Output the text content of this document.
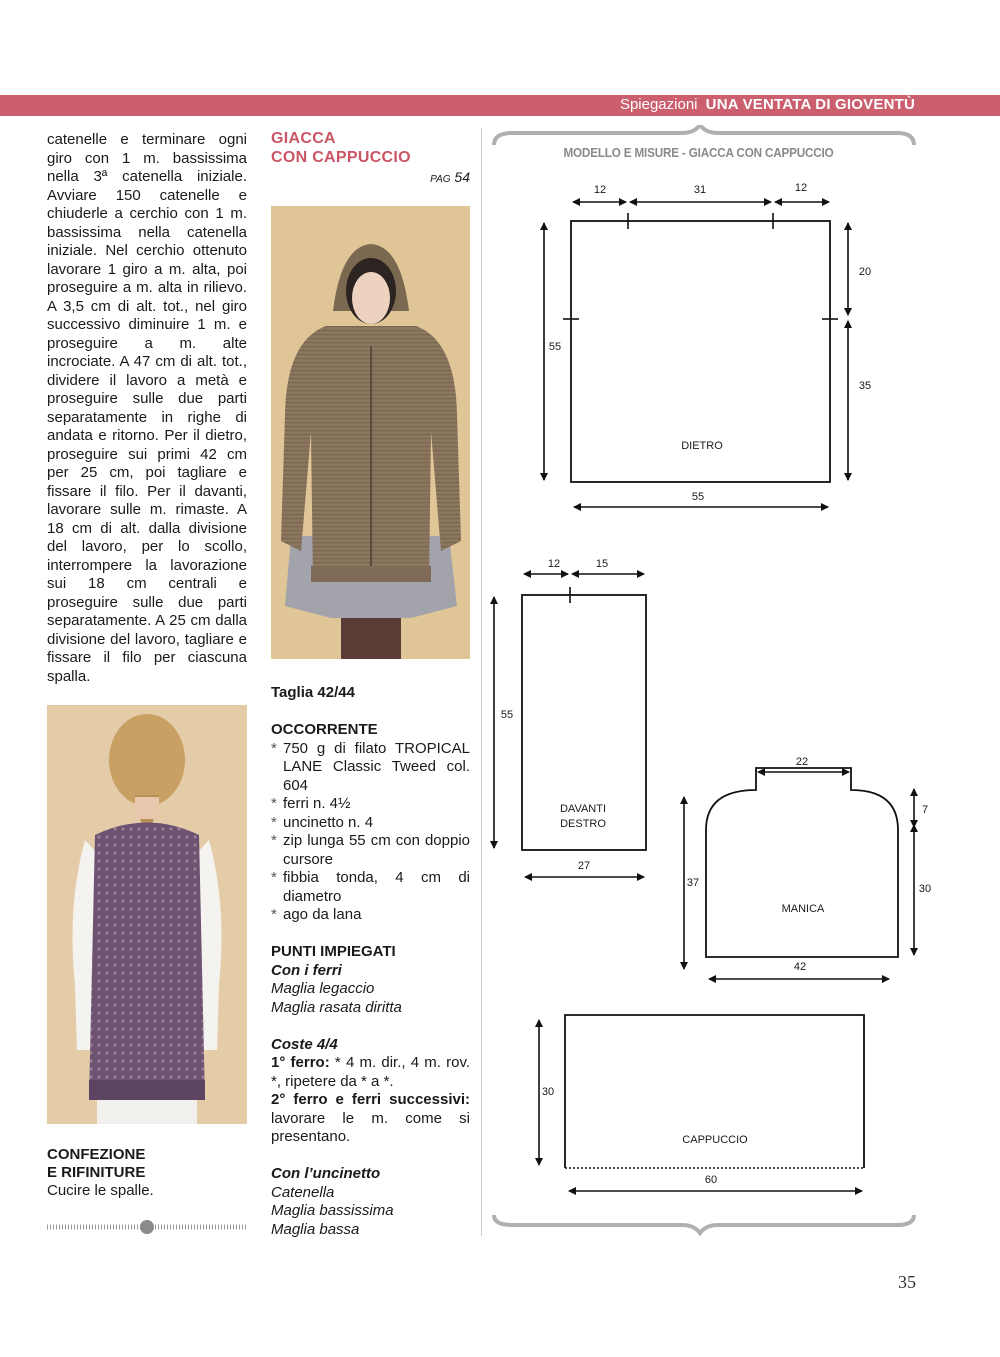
Spiegazioni UNA VENTATA DI GIOVENTÙ

catenelle e terminare ogni giro con 1 m. bassissima nella 3ª catenella iniziale. Avviare 150 catenelle e chiuderle a cerchio con 1 m. bassissima nella catenella iniziale. Nel cerchio ottenuto lavorare 1 giro a m. alta, poi proseguire a m. alta in rilievo. A 3,5 cm di alt. tot., nel giro successivo diminuire 1 m. e proseguire a m. alte incrociate. A 47 cm di alt. tot., dividere il lavoro a metà e proseguire sulle due parti separatamente in righe di andata e ritorno. Per il dietro, proseguire sui primi 42 cm per 25 cm, poi tagliare e fissare il filo. Per il davanti, lavorare sulle m. rimaste. A 18 cm di alt. dalla divisione del lavoro, per lo scollo, interrompere la lavorazione sui 18 cm centrali e proseguire sulle due parti separatamente. A 25 cm dalla divisione del lavoro, tagliare e fissare il filo per ciascuna spalla.

CONFEZIONE
E RIFINITURE
Cucire le spalle.
GIACCA
CON CAPPUCCIO
PAG 54
Taglia 42/44
OCCORRENTE
* 750 g di filato TROPICAL LANE Classic Tweed col. 604
* ferri n. 4½
* uncinetto n. 4
* zip lunga 55 cm con doppio cursore
* fibbia tonda, 4 cm di diametro
* ago da lana
PUNTI IMPIEGATI
Con i ferri
Maglia legaccio
Maglia rasata diritta
Coste 4/4
1° ferro: * 4 m. dir., 4 m. rov. *, ripetere da * a *.
2° ferro e ferri successivi: lavorare le m. come si presentano.
Con l’uncinetto
Catenella
Maglia bassissima
Maglia bassa
MODELLO E MISURE - GIACCA CON CAPPUCCIO
12	31	12
20
35
55
55
DIETRO
12	15
55
27
DAVANTI
DESTRO
22
7
30
37
42
MANICA
30
60
CAPPUCCIO
35
